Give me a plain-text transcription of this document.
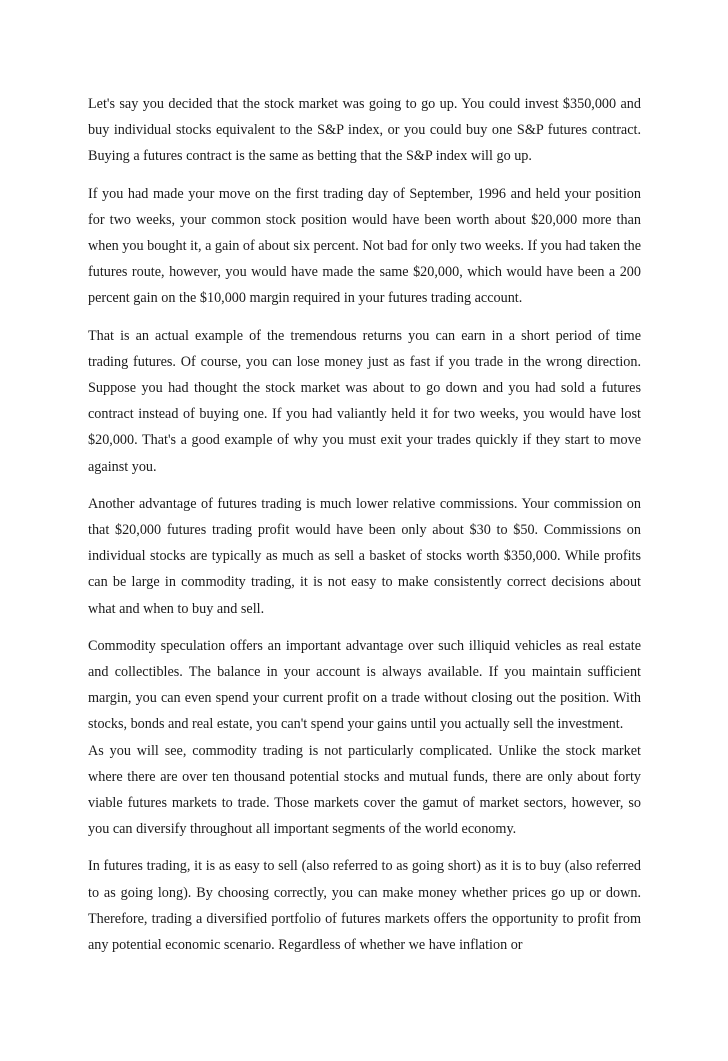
Let's say you decided that the stock market was going to go up. You could invest $350,000 and buy individual stocks equivalent to the S&P index, or you could buy one S&P futures contract. Buying a futures contract is the same as betting that the S&P index will go up.

If you had made your move on the first trading day of September, 1996 and held your position for two weeks, your common stock position would have been worth about $20,000 more than when you bought it, a gain of about six percent. Not bad for only two weeks. If you had taken the futures route, however, you would have made the same $20,000, which would have been a 200 percent gain on the $10,000 margin required in your futures trading account.

That is an actual example of the tremendous returns you can earn in a short period of time trading futures. Of course, you can lose money just as fast if you trade in the wrong direction. Suppose you had thought the stock market was about to go down and you had sold a futures contract instead of buying one. If you had valiantly held it for two weeks, you would have lost $20,000. That's a good example of why you must exit your trades quickly if they start to move against you.

Another advantage of futures trading is much lower relative commissions. Your commission on that $20,000 futures trading profit would have been only about $30 to $50. Commissions on individual stocks are typically as much as sell a basket of stocks worth $350,000. While profits can be large in commodity trading, it is not easy to make consistently correct decisions about what and when to buy and sell.

Commodity speculation offers an important advantage over such illiquid vehicles as real estate and collectibles. The balance in your account is always available. If you maintain sufficient margin, you can even spend your current profit on a trade without closing out the position. With stocks, bonds and real estate, you can't spend your gains until you actually sell the investment.

As you will see, commodity trading is not particularly complicated. Unlike the stock market where there are over ten thousand potential stocks and mutual funds, there are only about forty viable futures markets to trade. Those markets cover the gamut of market sectors, however, so you can diversify throughout all important segments of the world economy.

In futures trading, it is as easy to sell (also referred to as going short) as it is to buy (also referred to as going long). By choosing correctly, you can make money whether prices go up or down. Therefore, trading a diversified portfolio of futures markets offers the opportunity to profit from any potential economic scenario. Regardless of whether we have inflation or
